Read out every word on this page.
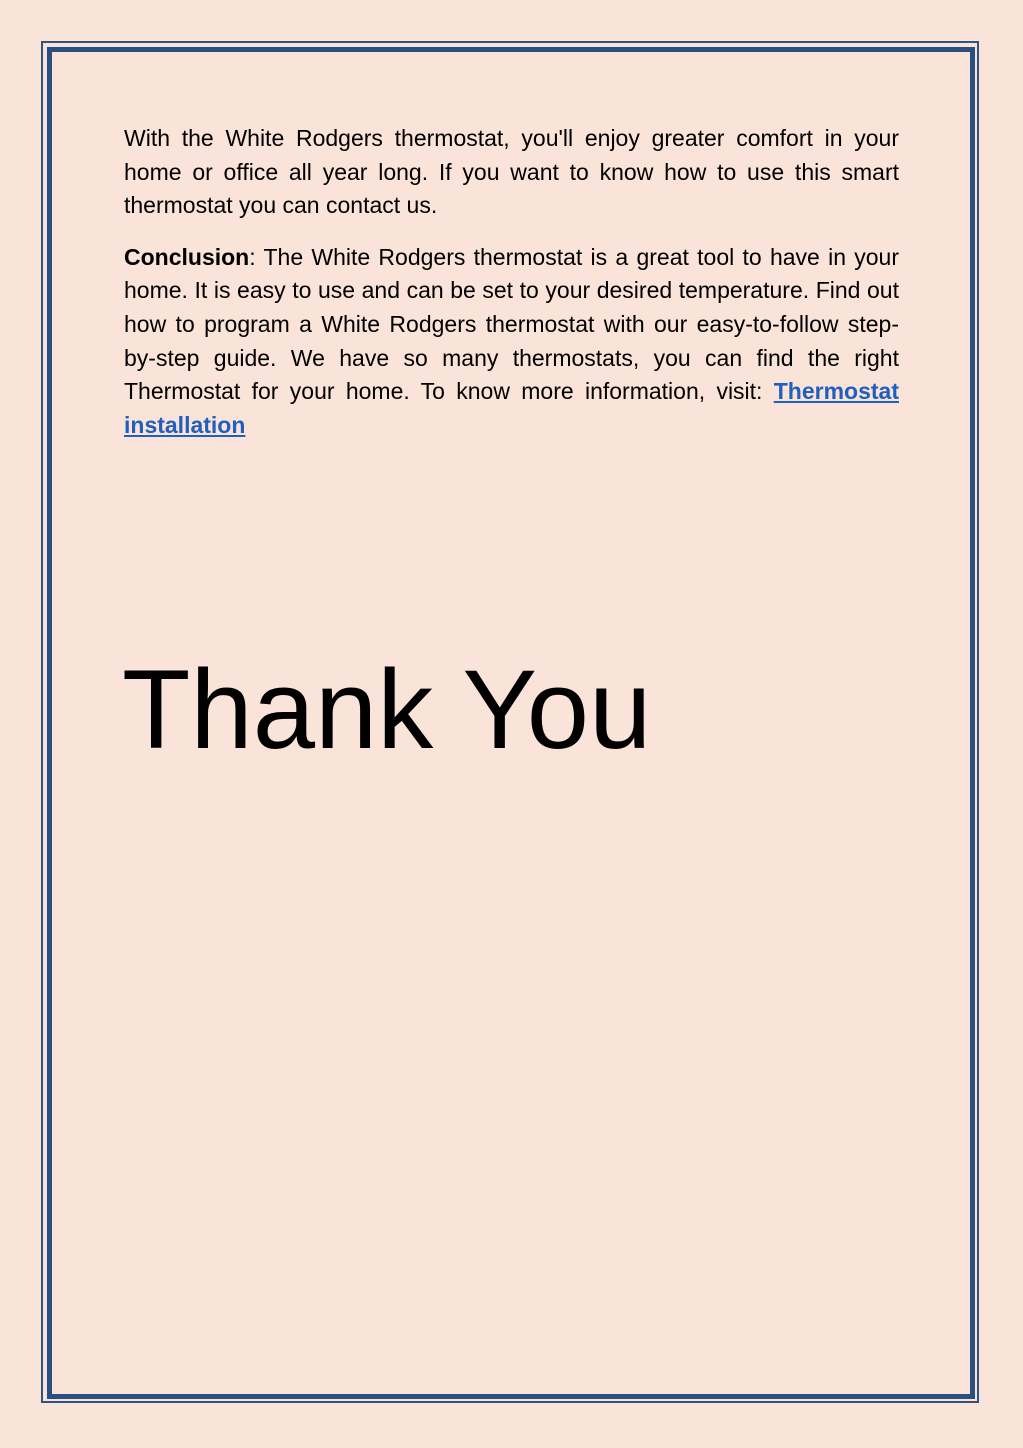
With the White Rodgers thermostat, you'll enjoy greater comfort in your home or office all year long. If you want to know how to use this smart thermostat you can contact us.

Conclusion: The White Rodgers thermostat is a great tool to have in your home. It is easy to use and can be set to your desired temperature. Find out how to program a White Rodgers thermostat with our easy-to-follow step-by-step guide. We have so many thermostats, you can find the right Thermostat for your home. To know more information, visit: Thermostat installation

Thank You
